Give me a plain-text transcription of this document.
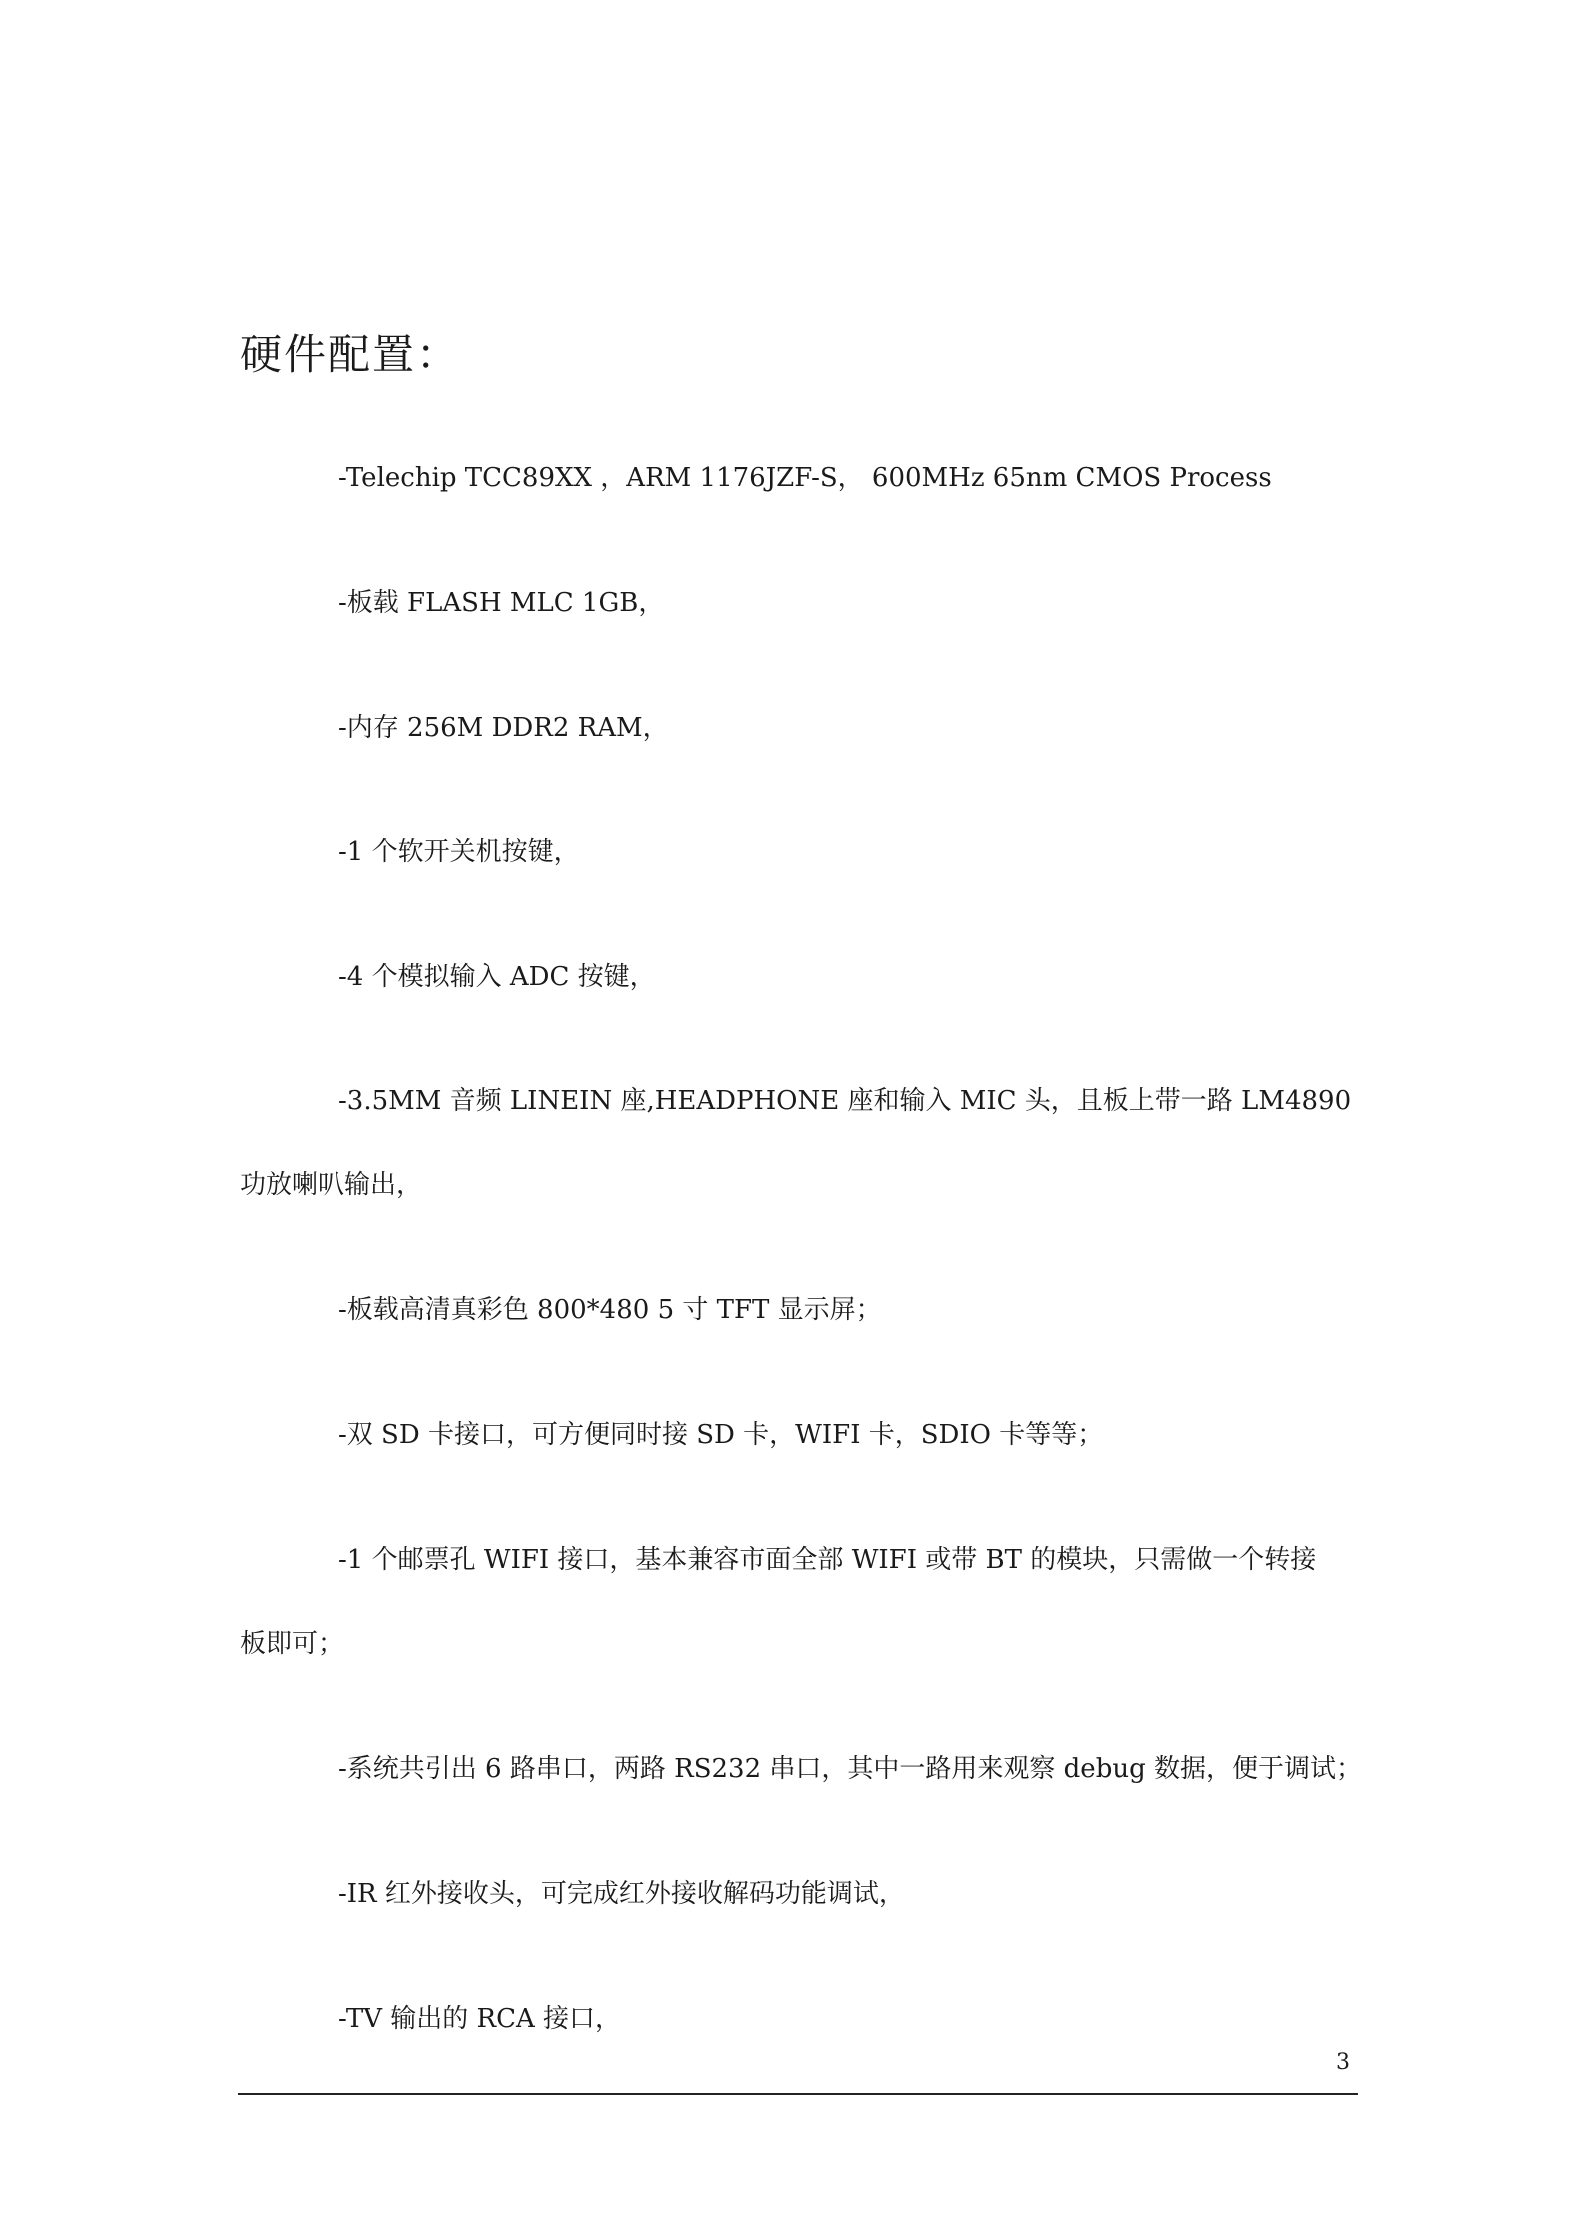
硬件配置：
-Telechip TCC89XX ，ARM 1176JZF-S， 600MHz 65nm CMOS Process
-板载 FLASH MLC 1GB，
-内存 256M DDR2 RAM，
-1 个软开关机按键，
-4 个模拟输入 ADC 按键，
-3.5MM 音频 LINEIN 座,HEADPHONE 座和输入 MIC 头，且板上带一路 LM4890
功放喇叭输出，
-板载高清真彩色 800*480 5 寸 TFT 显示屏；
-双 SD 卡接口，可方便同时接 SD 卡，WIFI 卡，SDIO 卡等等；
-1 个邮票孔 WIFI 接口，基本兼容市面全部 WIFI 或带 BT 的模块，只需做一个转接
板即可；
-系统共引出 6 路串口，两路 RS232 串口，其中一路用来观察 debug 数据，便于调试；
-IR 红外接收头，可完成红外接收解码功能调试，
-TV 输出的 RCA 接口，
3
